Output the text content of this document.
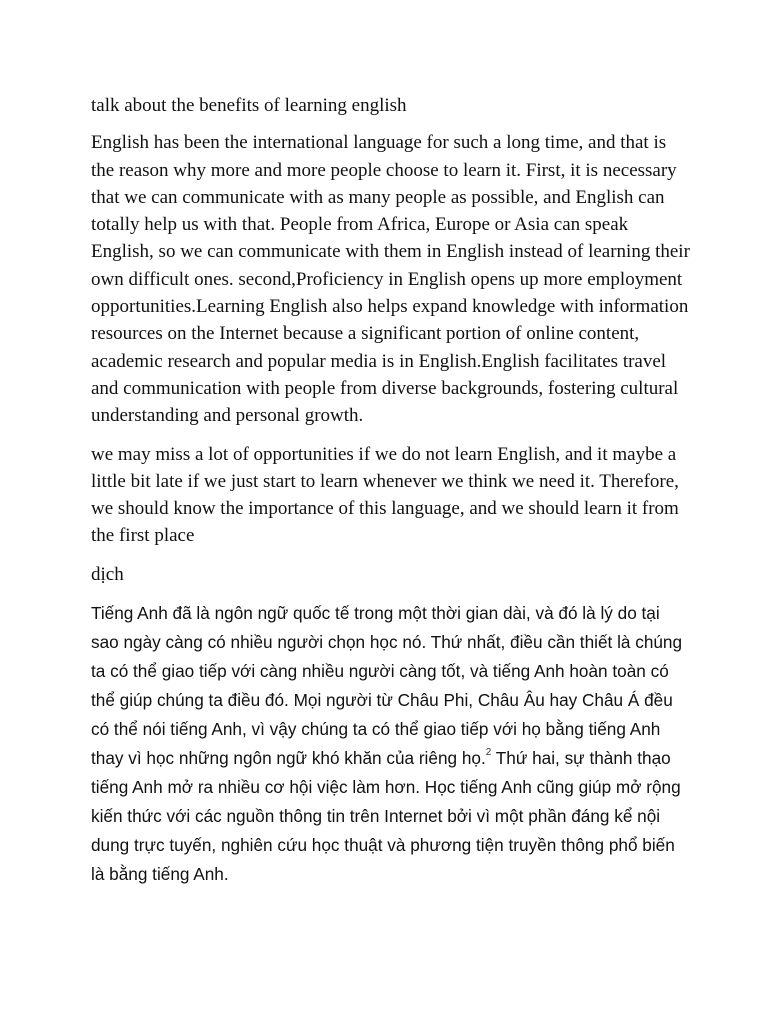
talk about the benefits of learning english

English has been the international language for such a long time, and that is the reason why more and more people choose to learn it. First, it is necessary that we can communicate with as many people as possible, and English can totally help us with that. People from Africa, Europe or Asia can speak English, so we can communicate with them in English instead of learning their own difficult ones. second,Proficiency in English opens up more employment opportunities.Learning English also helps expand knowledge with information resources on the Internet because a significant portion of online content, academic research and popular media is in English.English facilitates travel and communication with people from diverse backgrounds, fostering cultural understanding and personal growth.

we may miss a lot of opportunities if we do not learn English, and it maybe a little bit late if we just start to learn whenever we think we need it. Therefore, we should know the importance of this language, and we should learn it from the first place

dịch

Tiếng Anh đã là ngôn ngữ quốc tế trong một thời gian dài, và đó là lý do tại sao ngày càng có nhiều người chọn học nó. Thứ nhất, điều cần thiết là chúng ta có thể giao tiếp với càng nhiều người càng tốt, và tiếng Anh hoàn toàn có thể giúp chúng ta điều đó. Mọi người từ Châu Phi, Châu Âu hay Châu Á đều có thể nói tiếng Anh, vì vậy chúng ta có thể giao tiếp với họ bằng tiếng Anh thay vì học những ngôn ngữ khó khăn của riêng họ.$^2$ Thứ hai, sự thành thạo tiếng Anh mở ra nhiều cơ hội việc làm hơn. Học tiếng Anh cũng giúp mở rộng kiến thức với các nguồn thông tin trên Internet bởi vì một phần đáng kể nội dung trực tuyến, nghiên cứu học thuật và phương tiện truyền thông phổ biến là bằng tiếng Anh.
